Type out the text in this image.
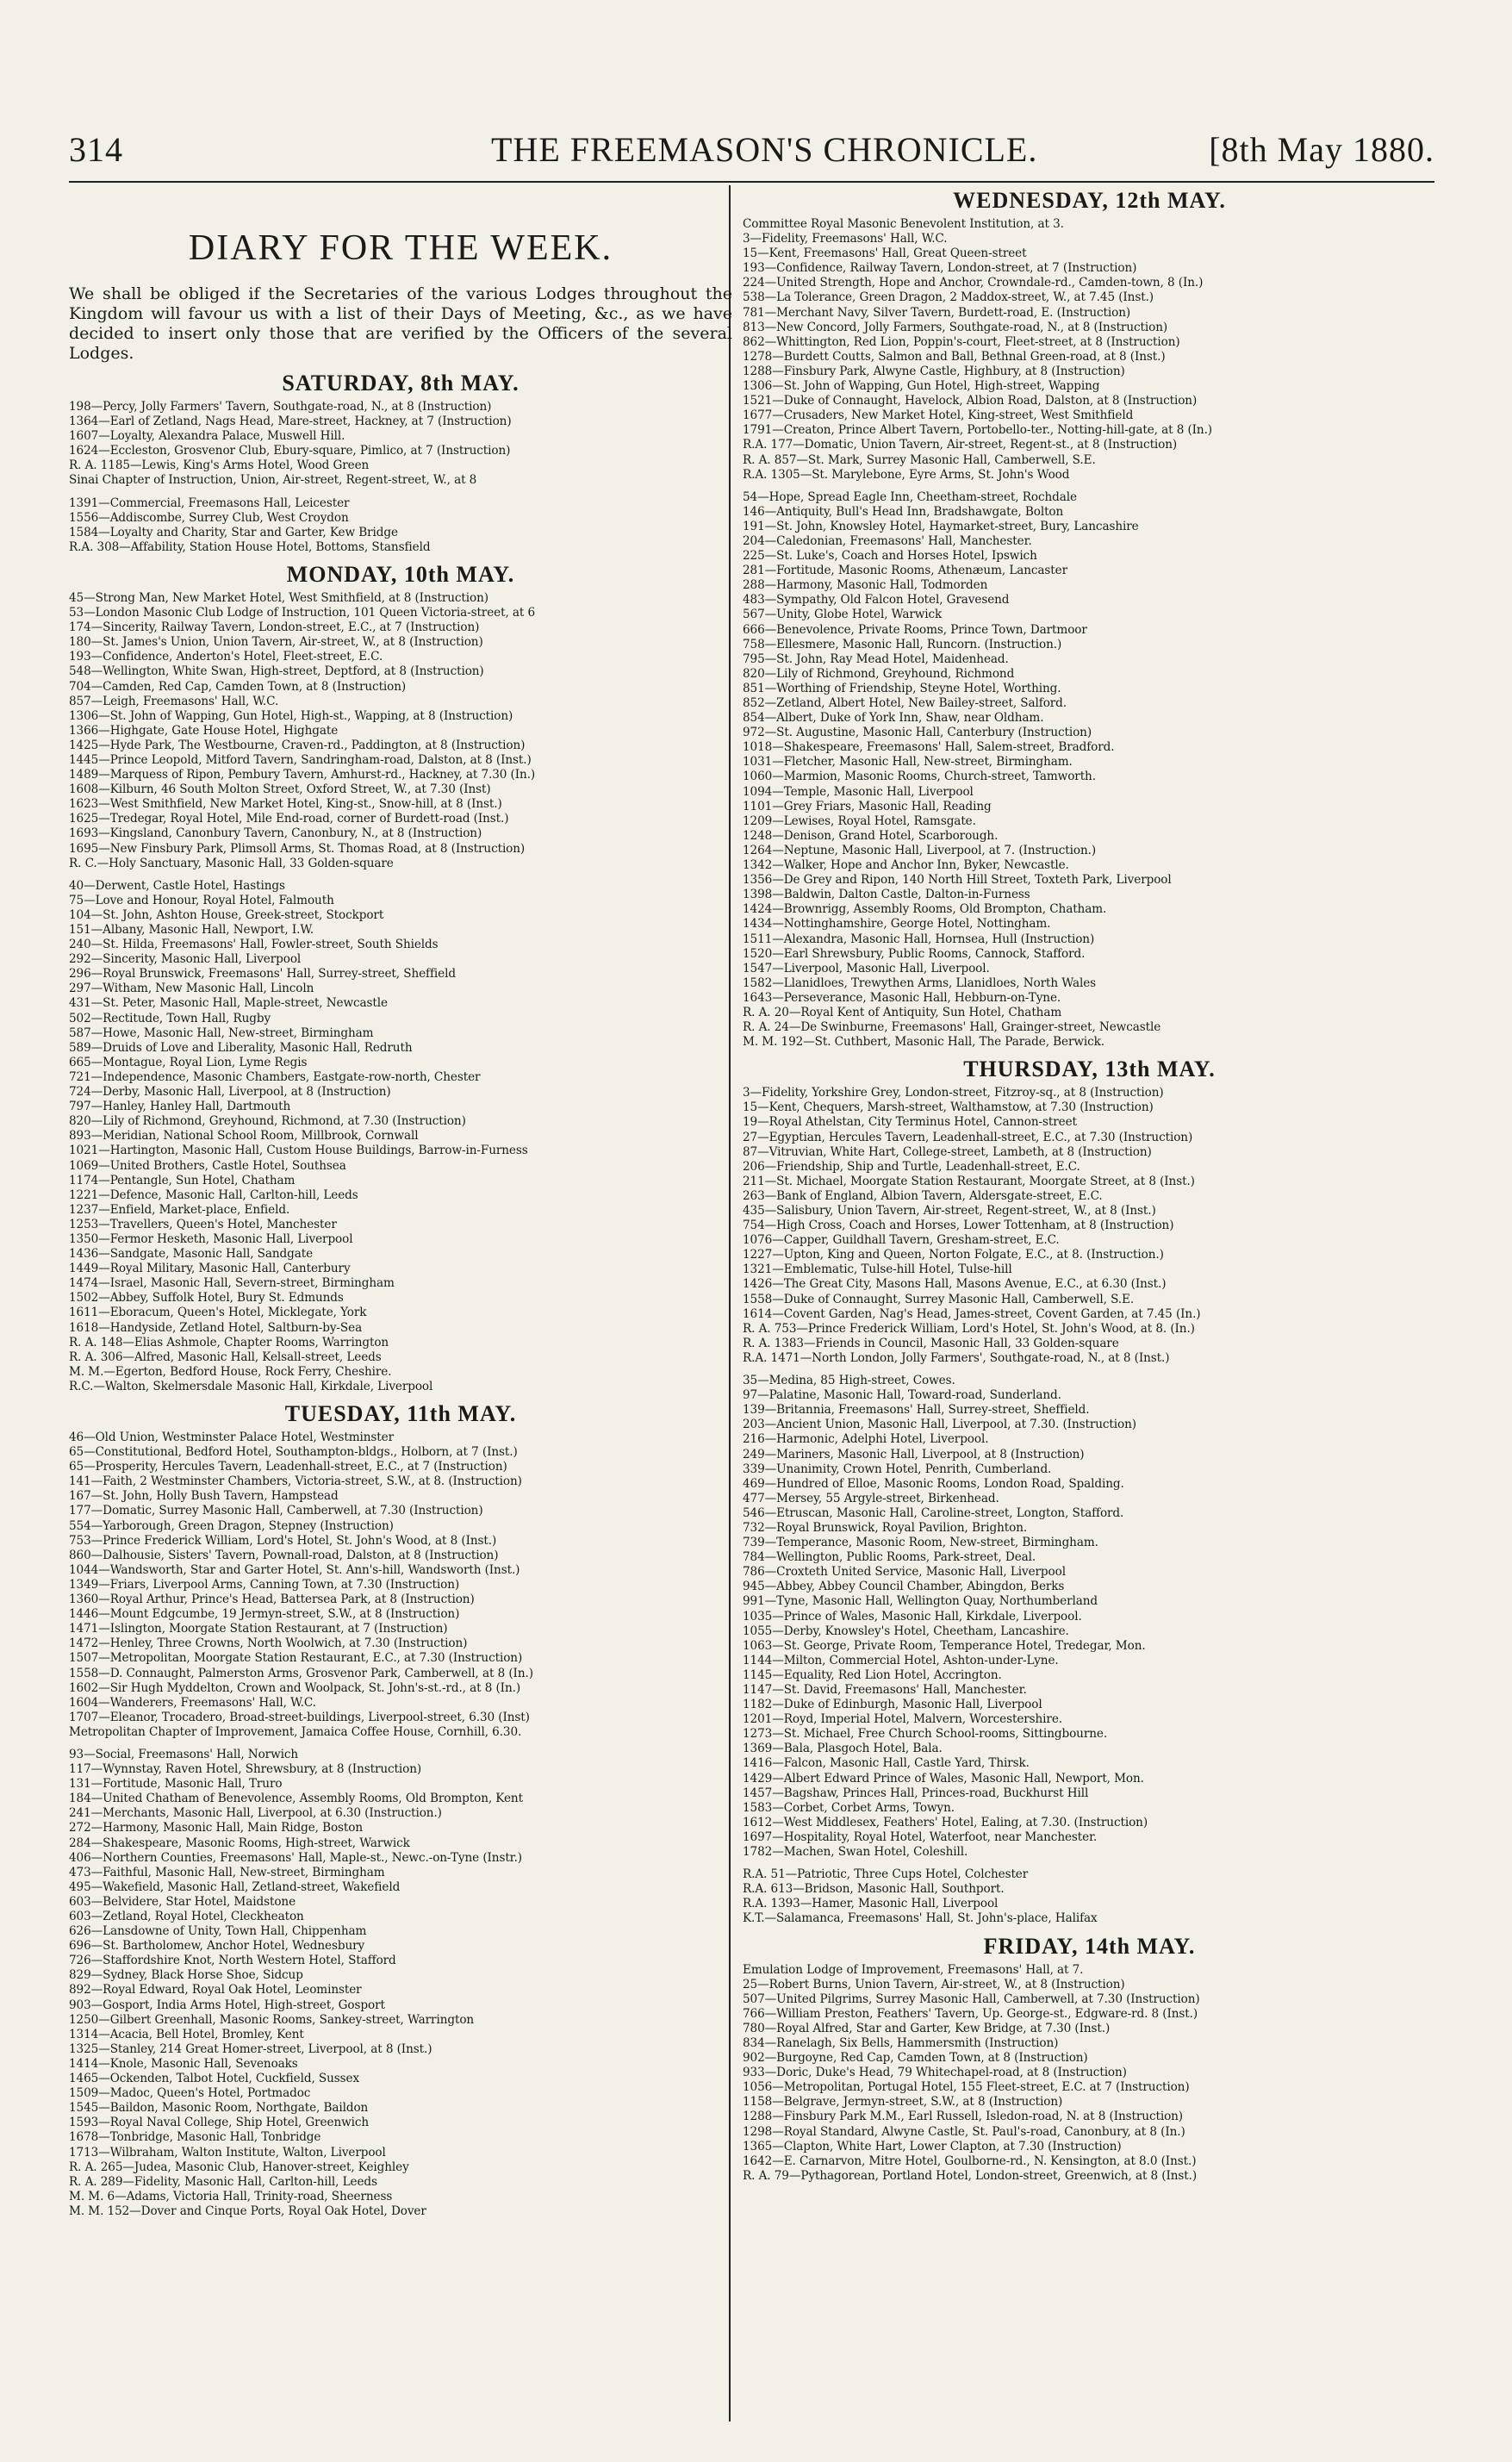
314	THE FREEMASON'S CHRONICLE.	[8th May 1880.
DIARY FOR THE WEEK.
We shall be obliged if the Secretaries of the various Lodges throughout the Kingdom will favour us with a list of their Days of Meeting, &c., as we have decided to insert only those that are verified by the Officers of the several Lodges.
SATURDAY, 8th MAY.
198—Percy, Jolly Farmers' Tavern, Southgate-road, N., at 8 (Instruction)
1364—Earl of Zetland, Nags Head, Mare-street, Hackney, at 7 (Instruction)
1607—Loyalty, Alexandra Palace, Muswell Hill.
1624—Eccleston, Grosvenor Club, Ebury-square, Pimlico, at 7 (Instruction)
R. A. 1185—Lewis, King's Arms Hotel, Wood Green
Sinai Chapter of Instruction, Union, Air-street, Regent-street, W., at 8
1391—Commercial, Freemasons Hall, Leicester
1556—Addiscombe, Surrey Club, West Croydon
1584—Loyalty and Charity, Star and Garter, Kew Bridge
R.A. 308—Affability, Station House Hotel, Bottoms, Stansfield
MONDAY, 10th MAY.
45—Strong Man, New Market Hotel, West Smithfield, at 8 (Instruction)
53—London Masonic Club Lodge of Instruction, 101 Queen Victoria-street, at 6
174—Sincerity, Railway Tavern, London-street, E.C., at 7 (Instruction)
180—St. James's Union, Union Tavern, Air-street, W., at 8 (Instruction)
193—Confidence, Anderton's Hotel, Fleet-street, E.C.
548—Wellington, White Swan, High-street, Deptford, at 8 (Instruction)
704—Camden, Red Cap, Camden Town, at 8 (Instruction)
857—Leigh, Freemasons' Hall, W.C.
1306—St. John of Wapping, Gun Hotel, High-st., Wapping, at 8 (Instruction)
1366—Highgate, Gate House Hotel, Highgate
1425—Hyde Park, The Westbourne, Craven-rd., Paddington, at 8 (Instruction)
1445—Prince Leopold, Mitford Tavern, Sandringham-road, Dalston, at 8 (Inst.)
1489—Marquess of Ripon, Pembury Tavern, Amhurst-rd., Hackney, at 7.30 (In.)
1608—Kilburn, 46 South Molton Street, Oxford Street, W., at 7.30 (Inst)
1623—West Smithfield, New Market Hotel, King-st., Snow-hill, at 8 (Inst.)
1625—Tredegar, Royal Hotel, Mile End-road, corner of Burdett-road (Inst.)
1693—Kingsland, Canonbury Tavern, Canonbury, N., at 8 (Instruction)
1695—New Finsbury Park, Plimsoll Arms, St. Thomas Road, at 8 (Instruction)
R. C.—Holy Sanctuary, Masonic Hall, 33 Golden-square
40—Derwent, Castle Hotel, Hastings
75—Love and Honour, Royal Hotel, Falmouth
104—St. John, Ashton House, Greek-street, Stockport
151—Albany, Masonic Hall, Newport, I.W.
240—St. Hilda, Freemasons' Hall, Fowler-street, South Shields
292—Sincerity, Masonic Hall, Liverpool
296—Royal Brunswick, Freemasons' Hall, Surrey-street, Sheffield
297—Witham, New Masonic Hall, Lincoln
431—St. Peter, Masonic Hall, Maple-street, Newcastle
502—Rectitude, Town Hall, Rugby
587—Howe, Masonic Hall, New-street, Birmingham
589—Druids of Love and Liberality, Masonic Hall, Redruth
665—Montague, Royal Lion, Lyme Regis
721—Independence, Masonic Chambers, Eastgate-row-north, Chester
724—Derby, Masonic Hall, Liverpool, at 8 (Instruction)
797—Hanley, Hanley Hall, Dartmouth
820—Lily of Richmond, Greyhound, Richmond, at 7.30 (Instruction)
893—Meridian, National School Room, Millbrook, Cornwall
1021—Hartington, Masonic Hall, Custom House Buildings, Barrow-in-Furness
1069—United Brothers, Castle Hotel, Southsea
1174—Pentangle, Sun Hotel, Chatham
1221—Defence, Masonic Hall, Carlton-hill, Leeds
1237—Enfield, Market-place, Enfield.
1253—Travellers, Queen's Hotel, Manchester
1350—Fermor Hesketh, Masonic Hall, Liverpool
1436—Sandgate, Masonic Hall, Sandgate
1449—Royal Military, Masonic Hall, Canterbury
1474—Israel, Masonic Hall, Severn-street, Birmingham
1502—Abbey, Suffolk Hotel, Bury St. Edmunds
1611—Eboracum, Queen's Hotel, Micklegate, York
1618—Handyside, Zetland Hotel, Saltburn-by-Sea
R. A. 148—Elias Ashmole, Chapter Rooms, Warrington
R. A. 306—Alfred, Masonic Hall, Kelsall-street, Leeds
M. M.—Egerton, Bedford House, Rock Ferry, Cheshire.
R.C.—Walton, Skelmersdale Masonic Hall, Kirkdale, Liverpool
TUESDAY, 11th MAY.
46—Old Union, Westminster Palace Hotel, Westminster
65—Constitutional, Bedford Hotel, Southampton-bldgs., Holborn, at 7 (Inst.)
65—Prosperity, Hercules Tavern, Leadenhall-street, E.C., at 7 (Instruction)
141—Faith, 2 Westminster Chambers, Victoria-street, S.W., at 8. (Instruction)
167—St. John, Holly Bush Tavern, Hampstead
177—Domatic, Surrey Masonic Hall, Camberwell, at 7.30 (Instruction)
554—Yarborough, Green Dragon, Stepney (Instruction)
753—Prince Frederick William, Lord's Hotel, St. John's Wood, at 8 (Inst.)
860—Dalhousie, Sisters' Tavern, Pownall-road, Dalston, at 8 (Instruction)
1044—Wandsworth, Star and Garter Hotel, St. Ann's-hill, Wandsworth (Inst.)
1349—Friars, Liverpool Arms, Canning Town, at 7.30 (Instruction)
1360—Royal Arthur, Prince's Head, Battersea Park, at 8 (Instruction)
1446—Mount Edgcumbe, 19 Jermyn-street, S.W., at 8 (Instruction)
1471—Islington, Moorgate Station Restaurant, at 7 (Instruction)
1472—Henley, Three Crowns, North Woolwich, at 7.30 (Instruction)
1507—Metropolitan, Moorgate Station Restaurant, E.C., at 7.30 (Instruction)
1558—D. Connaught, Palmerston Arms, Grosvenor Park, Camberwell, at 8 (In.)
1602—Sir Hugh Myddelton, Crown and Woolpack, St. John's-st.-rd., at 8 (In.)
1604—Wanderers, Freemasons' Hall, W.C.
1707—Eleanor, Trocadero, Broad-street-buildings, Liverpool-street, 6.30 (Inst)
Metropolitan Chapter of Improvement, Jamaica Coffee House, Cornhill, 6.30.
93—Social, Freemasons' Hall, Norwich
117—Wynnstay, Raven Hotel, Shrewsbury, at 8 (Instruction)
131—Fortitude, Masonic Hall, Truro
184—United Chatham of Benevolence, Assembly Rooms, Old Brompton, Kent
241—Merchants, Masonic Hall, Liverpool, at 6.30 (Instruction.)
272—Harmony, Masonic Hall, Main Ridge, Boston
284—Shakespeare, Masonic Rooms, High-street, Warwick
406—Northern Counties, Freemasons' Hall, Maple-st., Newc.-on-Tyne (Instr.)
473—Faithful, Masonic Hall, New-street, Birmingham
495—Wakefield, Masonic Hall, Zetland-street, Wakefield
603—Belvidere, Star Hotel, Maidstone
603—Zetland, Royal Hotel, Cleckheaton
626—Lansdowne of Unity, Town Hall, Chippenham
696—St. Bartholomew, Anchor Hotel, Wednesbury
726—Staffordshire Knot, North Western Hotel, Stafford
829—Sydney, Black Horse Shoe, Sidcup
892—Royal Edward, Royal Oak Hotel, Leominster
903—Gosport, India Arms Hotel, High-street, Gosport
1250—Gilbert Greenhall, Masonic Rooms, Sankey-street, Warrington
1314—Acacia, Bell Hotel, Bromley, Kent
1325—Stanley, 214 Great Homer-street, Liverpool, at 8 (Inst.)
1414—Knole, Masonic Hall, Sevenoaks
1465—Ockenden, Talbot Hotel, Cuckfield, Sussex
1509—Madoc, Queen's Hotel, Portmadoc
1545—Baildon, Masonic Room, Northgate, Baildon
1593—Royal Naval College, Ship Hotel, Greenwich
1678—Tonbridge, Masonic Hall, Tonbridge
1713—Wilbraham, Walton Institute, Walton, Liverpool
R. A. 265—Judea, Masonic Club, Hanover-street, Keighley
R. A. 289—Fidelity, Masonic Hall, Carlton-hill, Leeds
M. M. 6—Adams, Victoria Hall, Trinity-road, Sheerness
M. M. 152—Dover and Cinque Ports, Royal Oak Hotel, Dover
WEDNESDAY, 12th MAY.
Committee Royal Masonic Benevolent Institution, at 3.
3—Fidelity, Freemasons' Hall, W.C.
15—Kent, Freemasons' Hall, Great Queen-street
193—Confidence, Railway Tavern, London-street, at 7 (Instruction)
224—United Strength, Hope and Anchor, Crowndale-rd., Camden-town, 8 (In.)
538—La Tolerance, Green Dragon, 2 Maddox-street, W., at 7.45 (Inst.)
781—Merchant Navy, Silver Tavern, Burdett-road, E. (Instruction)
813—New Concord, Jolly Farmers, Southgate-road, N., at 8 (Instruction)
862—Whittington, Red Lion, Poppin's-court, Fleet-street, at 8 (Instruction)
1278—Burdett Coutts, Salmon and Ball, Bethnal Green-road, at 8 (Inst.)
1288—Finsbury Park, Alwyne Castle, Highbury, at 8 (Instruction)
1306—St. John of Wapping, Gun Hotel, High-street, Wapping
1521—Duke of Connaught, Havelock, Albion Road, Dalston, at 8 (Instruction)
1677—Crusaders, New Market Hotel, King-street, West Smithfield
1791—Creaton, Prince Albert Tavern, Portobello-ter., Notting-hill-gate, at 8 (In.)
R.A. 177—Domatic, Union Tavern, Air-street, Regent-st., at 8 (Instruction)
R. A. 857—St. Mark, Surrey Masonic Hall, Camberwell, S.E.
R.A. 1305—St. Marylebone, Eyre Arms, St. John's Wood
54—Hope, Spread Eagle Inn, Cheetham-street, Rochdale
146—Antiquity, Bull's Head Inn, Bradshawgate, Bolton
191—St. John, Knowsley Hotel, Haymarket-street, Bury, Lancashire
204—Caledonian, Freemasons' Hall, Manchester.
225—St. Luke's, Coach and Horses Hotel, Ipswich
281—Fortitude, Masonic Rooms, Athenæum, Lancaster
288—Harmony, Masonic Hall, Todmorden
483—Sympathy, Old Falcon Hotel, Gravesend
567—Unity, Globe Hotel, Warwick
666—Benevolence, Private Rooms, Prince Town, Dartmoor
758—Ellesmere, Masonic Hall, Runcorn. (Instruction.)
795—St. John, Ray Mead Hotel, Maidenhead.
820—Lily of Richmond, Greyhound, Richmond
851—Worthing of Friendship, Steyne Hotel, Worthing.
852—Zetland, Albert Hotel, New Bailey-street, Salford.
854—Albert, Duke of York Inn, Shaw, near Oldham.
972—St. Augustine, Masonic Hall, Canterbury (Instruction)
1018—Shakespeare, Freemasons' Hall, Salem-street, Bradford.
1031—Fletcher, Masonic Hall, New-street, Birmingham.
1060—Marmion, Masonic Rooms, Church-street, Tamworth.
1094—Temple, Masonic Hall, Liverpool
1101—Grey Friars, Masonic Hall, Reading
1209—Lewises, Royal Hotel, Ramsgate.
1248—Denison, Grand Hotel, Scarborough.
1264—Neptune, Masonic Hall, Liverpool, at 7. (Instruction.)
1342—Walker, Hope and Anchor Inn, Byker, Newcastle.
1356—De Grey and Ripon, 140 North Hill Street, Toxteth Park, Liverpool
1398—Baldwin, Dalton Castle, Dalton-in-Furness
1424—Brownrigg, Assembly Rooms, Old Brompton, Chatham.
1434—Nottinghamshire, George Hotel, Nottingham.
1511—Alexandra, Masonic Hall, Hornsea, Hull (Instruction)
1520—Earl Shrewsbury, Public Rooms, Cannock, Stafford.
1547—Liverpool, Masonic Hall, Liverpool.
1582—Llanidloes, Trewythen Arms, Llanidloes, North Wales
1643—Perseverance, Masonic Hall, Hebburn-on-Tyne.
R. A. 20—Royal Kent of Antiquity, Sun Hotel, Chatham
R. A. 24—De Swinburne, Freemasons' Hall, Grainger-street, Newcastle
M. M. 192—St. Cuthbert, Masonic Hall, The Parade, Berwick.
THURSDAY, 13th MAY.
3—Fidelity, Yorkshire Grey, London-street, Fitzroy-sq., at 8 (Instruction)
15—Kent, Chequers, Marsh-street, Walthamstow, at 7.30 (Instruction)
19—Royal Athelstan, City Terminus Hotel, Cannon-street
27—Egyptian, Hercules Tavern, Leadenhall-street, E.C., at 7.30 (Instruction)
87—Vitruvian, White Hart, College-street, Lambeth, at 8 (Instruction)
206—Friendship, Ship and Turtle, Leadenhall-street, E.C.
211—St. Michael, Moorgate Station Restaurant, Moorgate Street, at 8 (Inst.)
263—Bank of England, Albion Tavern, Aldersgate-street, E.C.
435—Salisbury, Union Tavern, Air-street, Regent-street, W., at 8 (Inst.)
754—High Cross, Coach and Horses, Lower Tottenham, at 8 (Instruction)
1076—Capper, Guildhall Tavern, Gresham-street, E.C.
1227—Upton, King and Queen, Norton Folgate, E.C., at 8. (Instruction.)
1321—Emblematic, Tulse-hill Hotel, Tulse-hill
1426—The Great City, Masons Hall, Masons Avenue, E.C., at 6.30 (Inst.)
1558—Duke of Connaught, Surrey Masonic Hall, Camberwell, S.E.
1614—Covent Garden, Nag's Head, James-street, Covent Garden, at 7.45 (In.)
R. A. 753—Prince Frederick William, Lord's Hotel, St. John's Wood, at 8. (In.)
R. A. 1383—Friends in Council, Masonic Hall, 33 Golden-square
R.A. 1471—North London, Jolly Farmers', Southgate-road, N., at 8 (Inst.)
35—Medina, 85 High-street, Cowes.
97—Palatine, Masonic Hall, Toward-road, Sunderland.
139—Britannia, Freemasons' Hall, Surrey-street, Sheffield.
203—Ancient Union, Masonic Hall, Liverpool, at 7.30. (Instruction)
216—Harmonic, Adelphi Hotel, Liverpool.
249—Mariners, Masonic Hall, Liverpool, at 8 (Instruction)
339—Unanimity, Crown Hotel, Penrith, Cumberland.
469—Hundred of Elloe, Masonic Rooms, London Road, Spalding.
477—Mersey, 55 Argyle-street, Birkenhead.
546—Etruscan, Masonic Hall, Caroline-street, Longton, Stafford.
732—Royal Brunswick, Royal Pavilion, Brighton.
739—Temperance, Masonic Room, New-street, Birmingham.
784—Wellington, Public Rooms, Park-street, Deal.
786—Croxteth United Service, Masonic Hall, Liverpool
945—Abbey, Abbey Council Chamber, Abingdon, Berks
991—Tyne, Masonic Hall, Wellington Quay, Northumberland
1035—Prince of Wales, Masonic Hall, Kirkdale, Liverpool.
1055—Derby, Knowsley's Hotel, Cheetham, Lancashire.
1063—St. George, Private Room, Temperance Hotel, Tredegar, Mon.
1144—Milton, Commercial Hotel, Ashton-under-Lyne.
1145—Equality, Red Lion Hotel, Accrington.
1147—St. David, Freemasons' Hall, Manchester.
1182—Duke of Edinburgh, Masonic Hall, Liverpool
1201—Royd, Imperial Hotel, Malvern, Worcestershire.
1273—St. Michael, Free Church School-rooms, Sittingbourne.
1369—Bala, Plasgoch Hotel, Bala.
1416—Falcon, Masonic Hall, Castle Yard, Thirsk.
1429—Albert Edward Prince of Wales, Masonic Hall, Newport, Mon.
1457—Bagshaw, Princes Hall, Princes-road, Buckhurst Hill
1583—Corbet, Corbet Arms, Towyn.
1612—West Middlesex, Feathers' Hotel, Ealing, at 7.30. (Instruction)
1697—Hospitality, Royal Hotel, Waterfoot, near Manchester.
1782—Machen, Swan Hotel, Coleshill.
R.A. 51—Patriotic, Three Cups Hotel, Colchester
R.A. 613—Bridson, Masonic Hall, Southport.
R.A. 1393—Hamer, Masonic Hall, Liverpool
K.T.—Salamanca, Freemasons' Hall, St. John's-place, Halifax
FRIDAY, 14th MAY.
Emulation Lodge of Improvement, Freemasons' Hall, at 7.
25—Robert Burns, Union Tavern, Air-street, W., at 8 (Instruction)
507—United Pilgrims, Surrey Masonic Hall, Camberwell, at 7.30 (Instruction)
766—William Preston, Feathers' Tavern, Up. George-st., Edgware-rd. 8 (Inst.)
780—Royal Alfred, Star and Garter, Kew Bridge, at 7.30 (Inst.)
834—Ranelagh, Six Bells, Hammersmith (Instruction)
902—Burgoyne, Red Cap, Camden Town, at 8 (Instruction)
933—Doric, Duke's Head, 79 Whitechapel-road, at 8 (Instruction)
1056—Metropolitan, Portugal Hotel, 155 Fleet-street, E.C. at 7 (Instruction)
1158—Belgrave, Jermyn-street, S.W., at 8 (Instruction)
1288—Finsbury Park M.M., Earl Russell, Isledon-road, N. at 8 (Instruction)
1298—Royal Standard, Alwyne Castle, St. Paul's-road, Canonbury, at 8 (In.)
1365—Clapton, White Hart, Lower Clapton, at 7.30 (Instruction)
1642—E. Carnarvon, Mitre Hotel, Goulborne-rd., N. Kensington, at 8.0 (Inst.)
R. A. 79—Pythagorean, Portland Hotel, London-street, Greenwich, at 8 (Inst.)
